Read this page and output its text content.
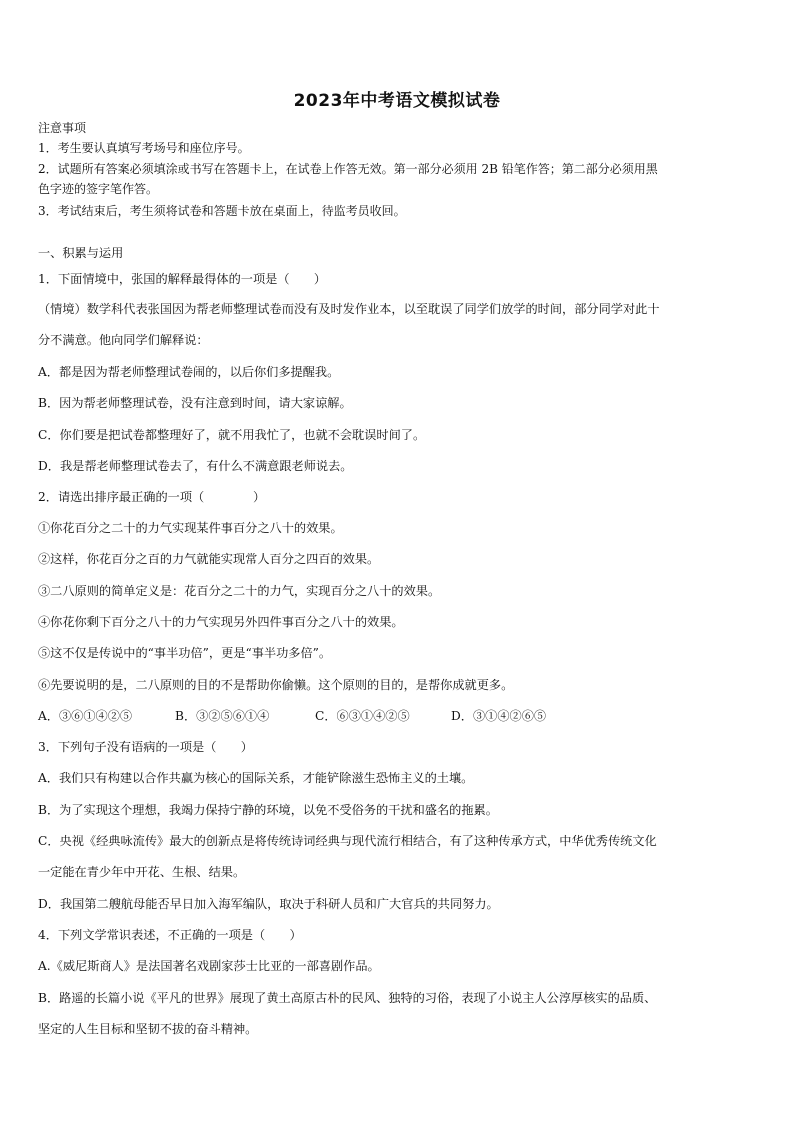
2023年中考语文模拟试卷
注意事项
1．考生要认真填写考场号和座位序号。
2．试题所有答案必须填涂或书写在答题卡上，在试卷上作答无效。第一部分必须用 2B 铅笔作答；第二部分必须用黑
色字迹的签字笔作答。
3．考试结束后，考生须将试卷和答题卡放在桌面上，待监考员收回。
一、积累与运用
1．下面情境中，张国的解释最得体的一项是（　　）
（情境）数学科代表张国因为帮老师整理试卷而没有及时发作业本，以至耽误了同学们放学的时间，部分同学对此十
分不满意。他向同学们解释说：
A．都是因为帮老师整理试卷闹的，以后你们多提醒我。
B．因为帮老师整理试卷，没有注意到时间，请大家谅解。
C．你们要是把试卷都整理好了，就不用我忙了，也就不会耽误时间了。
D．我是帮老师整理试卷去了，有什么不满意跟老师说去。
2．请选出排序最正确的一项（　　　　）
①你花百分之二十的力气实现某件事百分之八十的效果。
②这样，你花百分之百的力气就能实现常人百分之四百的效果。
③二八原则的简单定义是：花百分之二十的力气，实现百分之八十的效果。
④你花你剩下百分之八十的力气实现另外四件事百分之八十的效果。
⑤这不仅是传说中的“事半功倍”，更是“事半功多倍”。
⑥先要说明的是，二八原则的目的不是帮助你偷懒。这个原则的目的，是帮你成就更多。
A．③⑥①④②⑤	B．③②⑤⑥①④	C．⑥③①④②⑤	D．③①④②⑥⑤
3．下列句子没有语病的一项是（　　）
A．我们只有构建以合作共赢为核心的国际关系，才能铲除滋生恐怖主义的土壤。
B．为了实现这个理想，我竭力保持宁静的环境，以免不受俗务的干扰和盛名的拖累。
C．央视《经典咏流传》最大的创新点是将传统诗词经典与现代流行相结合，有了这种传承方式，中华优秀传统文化
一定能在青少年中开花、生根、结果。
D．我国第二艘航母能否早日加入海军编队，取决于科研人员和广大官兵的共同努力。
4．下列文学常识表述，不正确的一项是（　　）
A.《威尼斯商人》是法国著名戏剧家莎士比亚的一部喜剧作品。
B．路遥的长篇小说《平凡的世界》展现了黄土高原古朴的民风、独特的习俗，表现了小说主人公淳厚核实的品质、
坚定的人生目标和坚韧不拔的奋斗精神。
